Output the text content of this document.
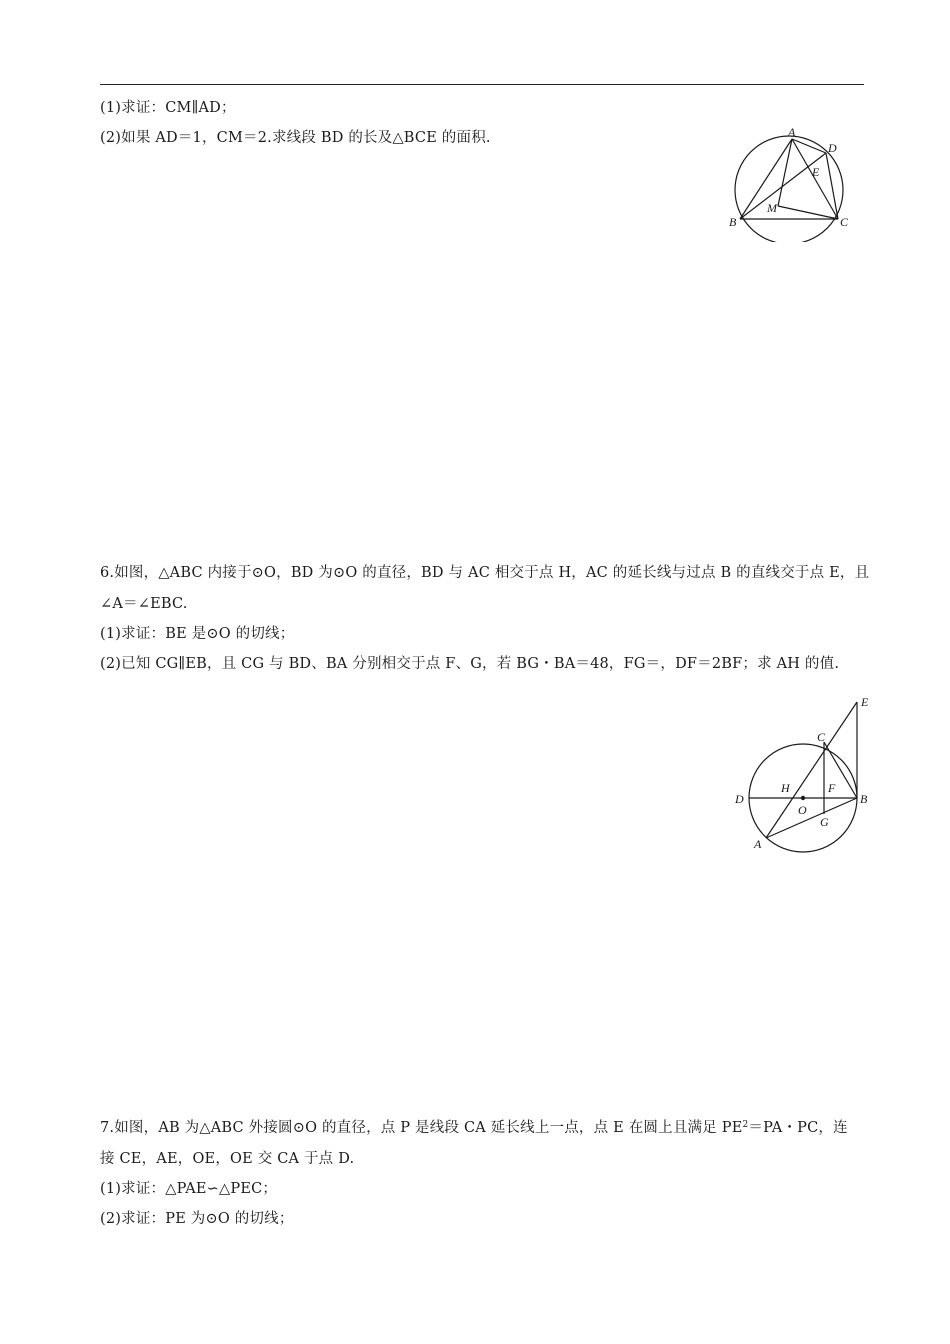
(1)求证：CM∥AD；
(2)如果 AD＝1，CM＝2.求线段 BD 的长及△BCE 的面积.	A
D
E
M
B	C
6.如图，△ABC 内接于⊙O，BD 为⊙O 的直径，BD 与 AC 相交于点 H，AC 的延长线与过点 B 的直线交于点 E，且
∠A＝∠EBC.
(1)求证：BE 是⊙O 的切线；
(2)已知 CG∥EB，且 CG 与 BD、BA 分别相交于点 F、G，若 BG・BA＝48，FG＝，DF＝2BF；求 AH 的值.
E
C
H	F
D
O
B
G
A
7.如图，AB 为△ABC 外接圆⊙O 的直径，点 P 是线段 CA 延长线上一点，点 E 在圆上且满足 $PE^2=PA$・PC，连
接 CE，AE，OE，OE 交 CA 于点 D.
(1)求证：△PAE∽△PEC；
(2)求证：PE 为⊙O 的切线；
